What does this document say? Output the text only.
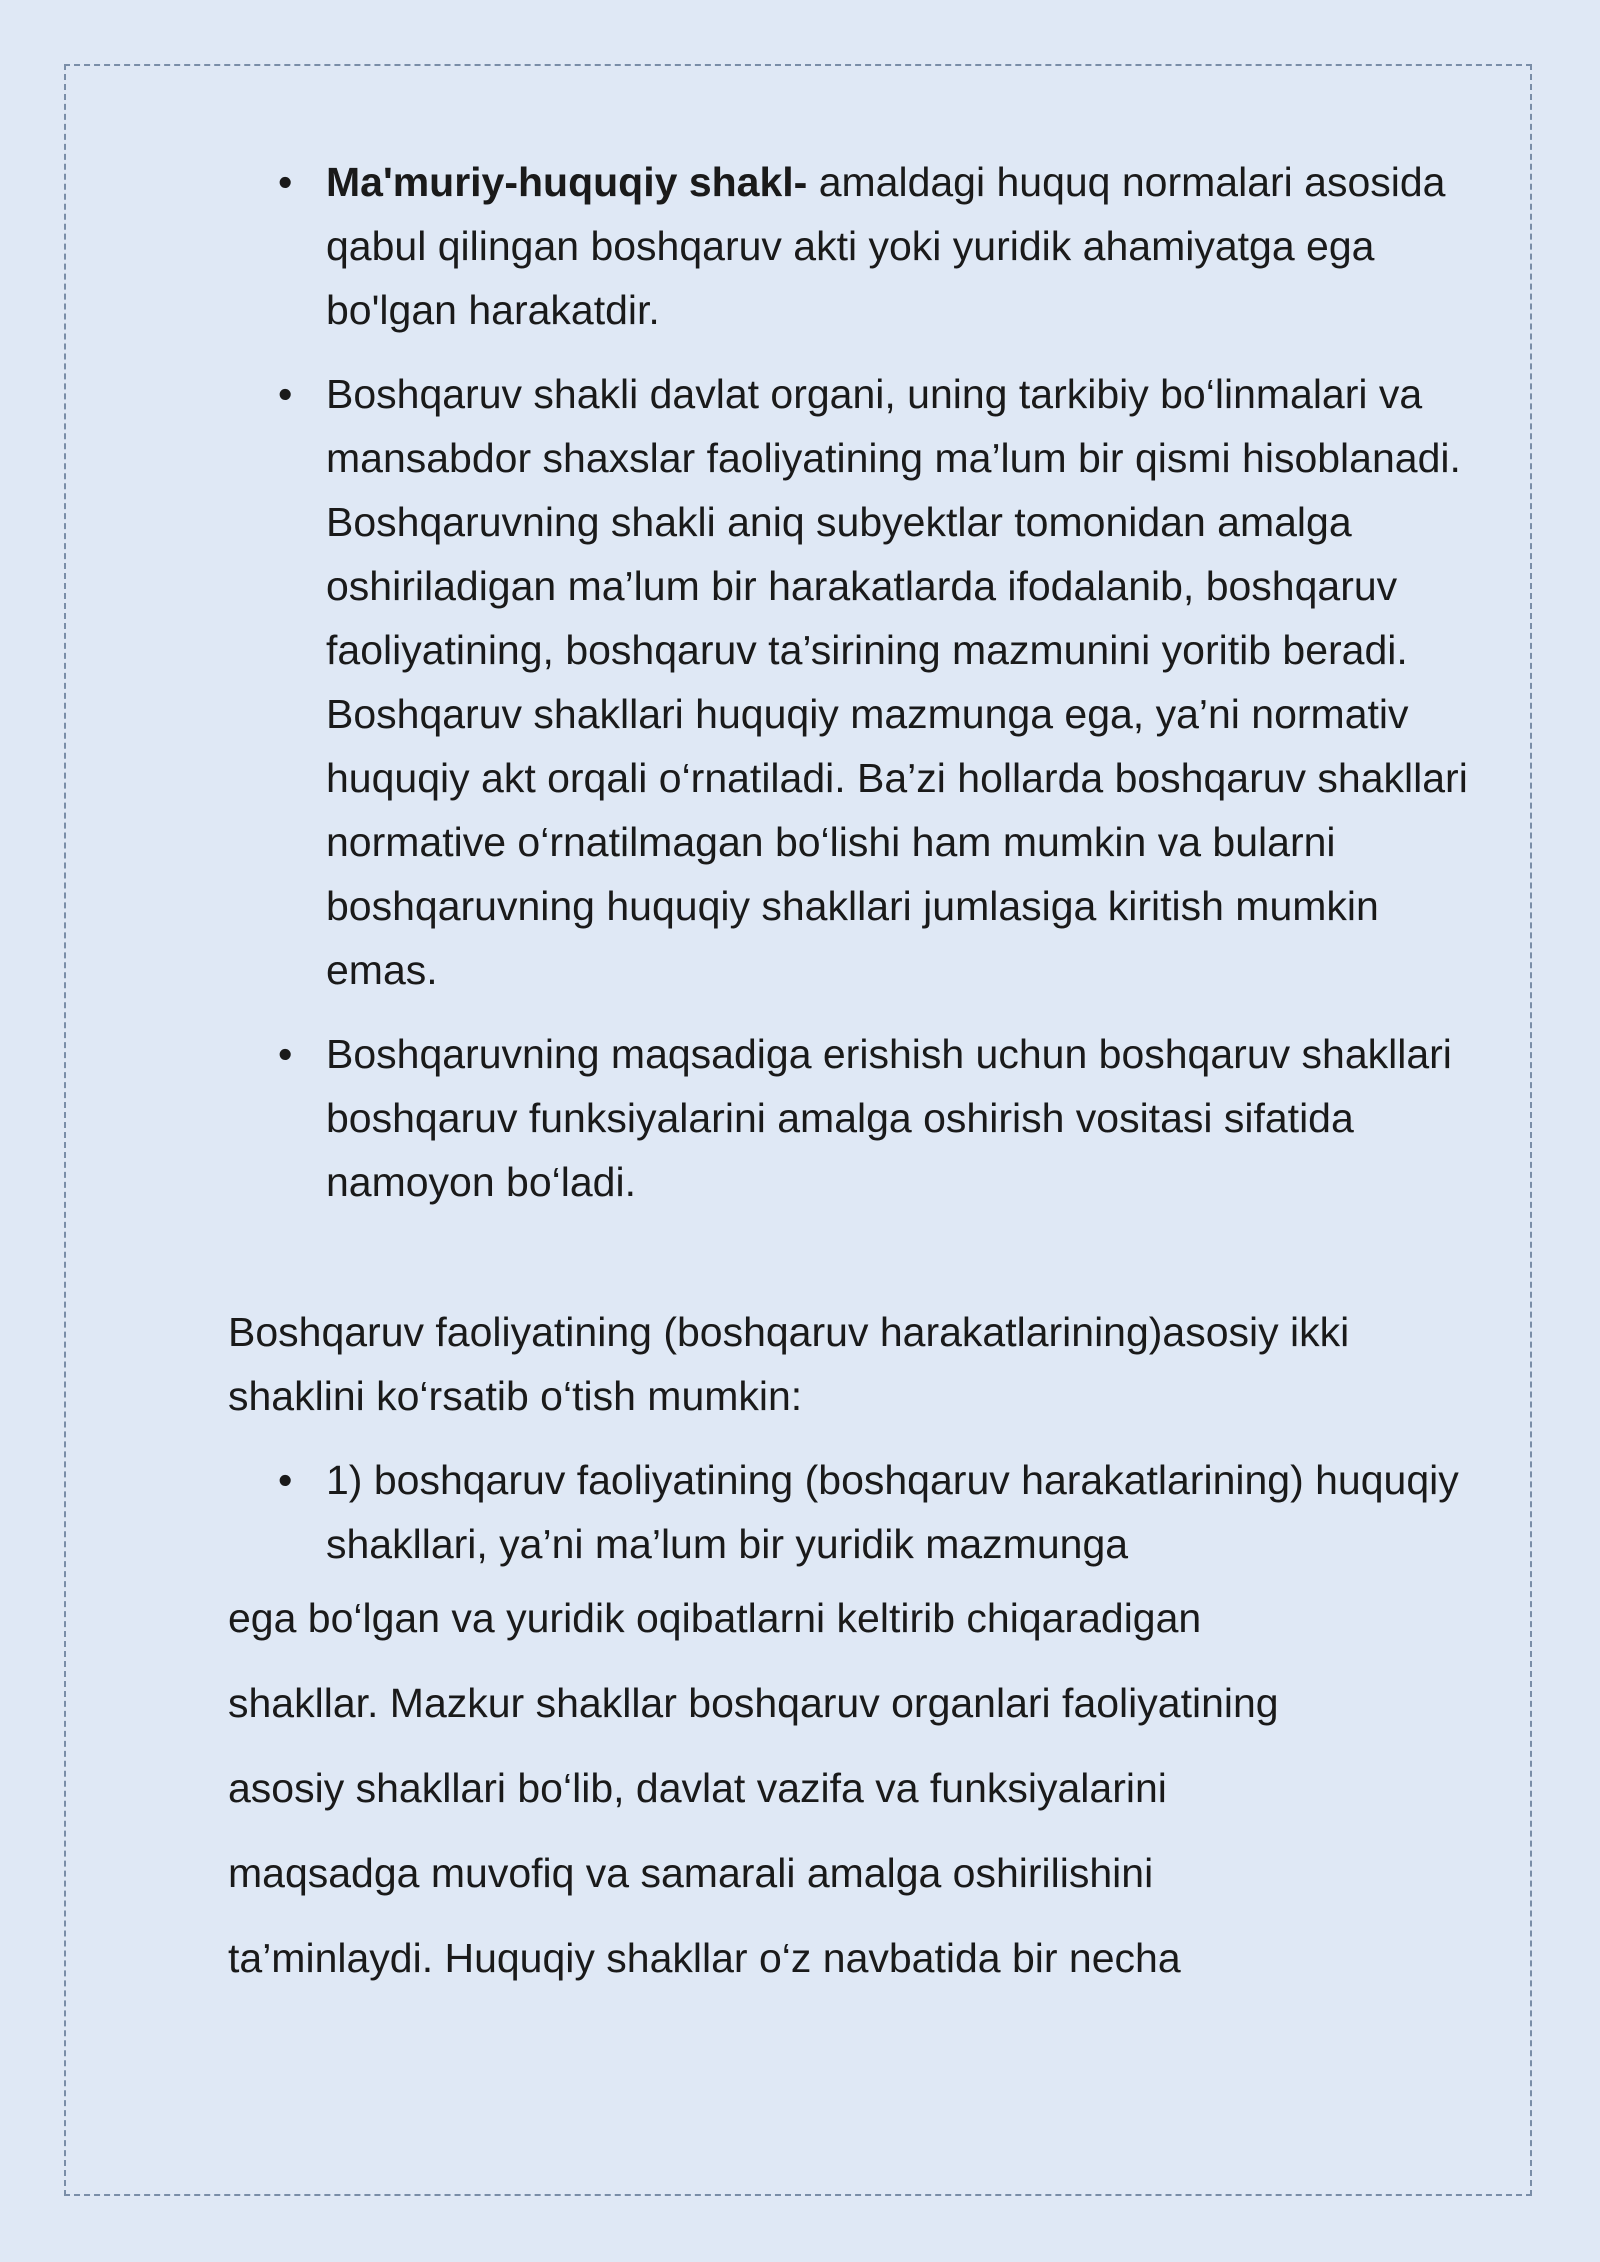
• Ma'muriy-huquqiy shakl- amaldagi huquq normalari asosida qabul qilingan boshqaruv akti yoki yuridik ahamiyatga ega bo'lgan harakatdir.
• Boshqaruv shakli davlat organi, uning tarkibiy bo‘linmalari va mansabdor shaxslar faoliyatining ma’lum bir qismi hisoblanadi. Boshqaruvning shakli aniq subyektlar tomonidan amalga oshiriladigan ma’lum bir harakatlarda ifodalanib, boshqaruv faoliyatining, boshqaruv ta’sirining mazmunini yoritib beradi. Boshqaruv shakllari huquqiy mazmunga ega, ya’ni normativ huquqiy akt orqali o‘rnatiladi. Ba’zi hollarda boshqaruv shakllari normative o‘rnatilmagan bo‘lishi ham mumkin va bularni boshqaruvning huquqiy shakllari jumlasiga kiritish mumkin emas.
• Boshqaruvning maqsadiga erishish uchun boshqaruv shakllari boshqaruv funksiyalarini amalga oshirish vositasi sifatida namoyon bo‘ladi.

Boshqaruv faoliyatining (boshqaruv harakatlarining)asosiy ikki shaklini ko‘rsatib o‘tish mumkin:

• 1) boshqaruv faoliyatining (boshqaruv harakatlarining) huquqiy shakllari, ya’ni ma’lum bir yuridik mazmunga
ega bo‘lgan va yuridik oqibatlarni keltirib chiqaradigan
shakllar. Mazkur shakllar boshqaruv organlari faoliyatining
asosiy shakllari bo‘lib, davlat vazifa va funksiyalarini
maqsadga muvofiq va samarali amalga oshirilishini
ta’minlaydi. Huquqiy shakllar o‘z navbatida bir necha
